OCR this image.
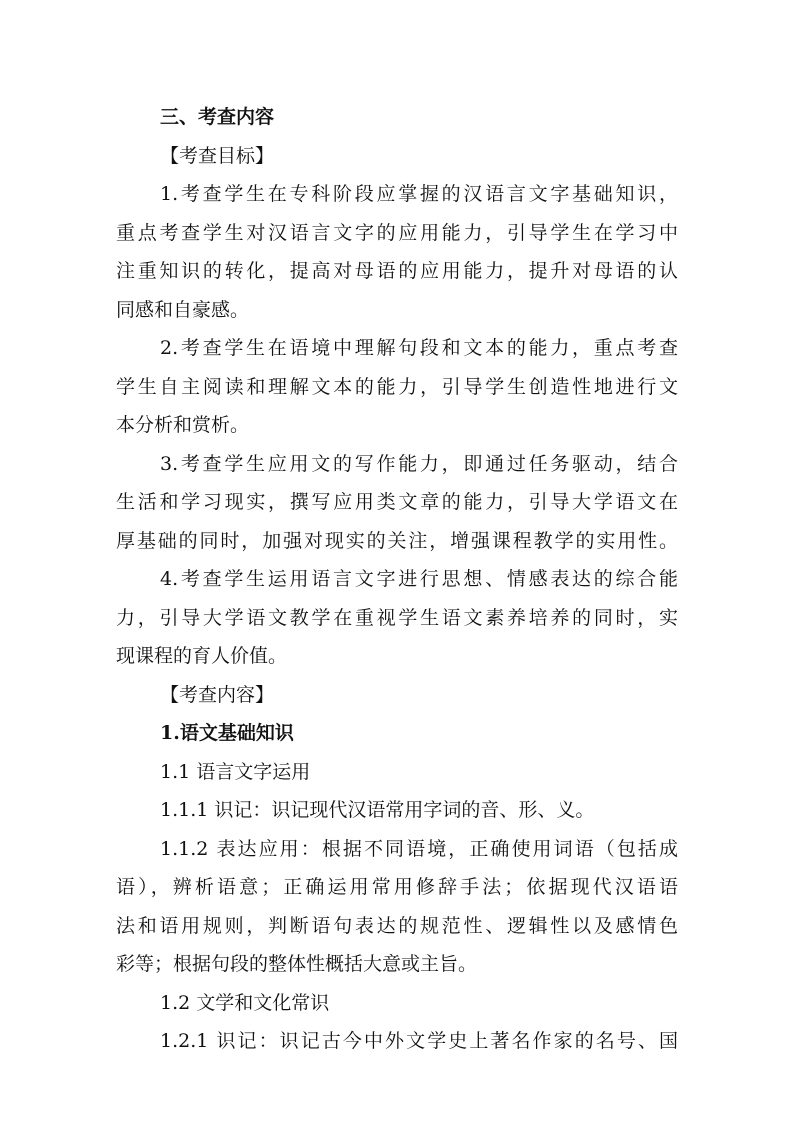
三、考查内容
【考查目标】
1.考查学生在专科阶段应掌握的汉语言文字基础知识，
重点考查学生对汉语言文字的应用能力，引导学生在学习中
注重知识的转化，提高对母语的应用能力，提升对母语的认
同感和自豪感。
2.考查学生在语境中理解句段和文本的能力，重点考查
学生自主阅读和理解文本的能力，引导学生创造性地进行文
本分析和赏析。
3.考查学生应用文的写作能力，即通过任务驱动，结合
生活和学习现实，撰写应用类文章的能力，引导大学语文在
厚基础的同时，加强对现实的关注，增强课程教学的实用性。
4.考查学生运用语言文字进行思想、情感表达的综合能
力，引导大学语文教学在重视学生语文素养培养的同时，实
现课程的育人价值。
【考查内容】
1.语文基础知识
1.1 语言文字运用
1.1.1 识记：识记现代汉语常用字词的音、形、义。
1.1.2 表达应用：根据不同语境，正确使用词语（包括成
语），辨析语意；正确运用常用修辞手法；依据现代汉语语
法和语用规则，判断语句表达的规范性、逻辑性以及感情色
彩等；根据句段的整体性概括大意或主旨。
1.2 文学和文化常识
1.2.1 识记：识记古今中外文学史上著名作家的名号、国
